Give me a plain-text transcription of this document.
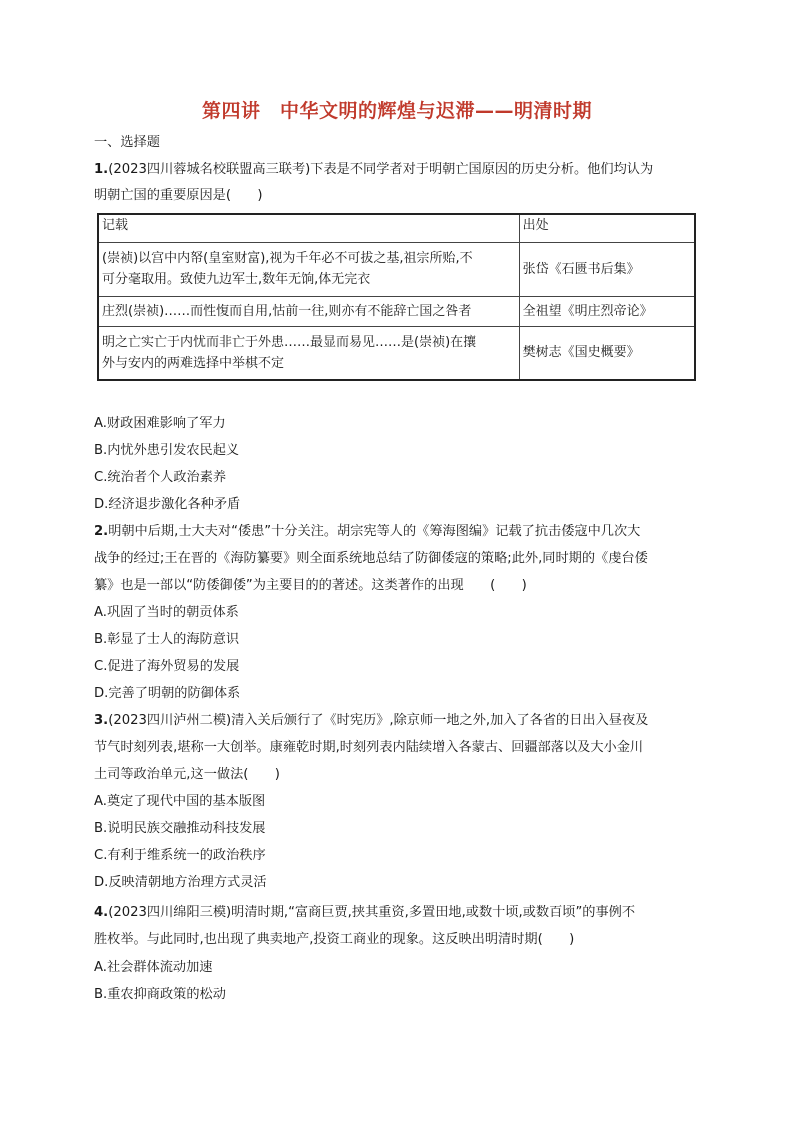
第四讲　中华文明的辉煌与迟滞——明清时期
一、选择题
1.(2023四川蓉城名校联盟高三联考)下表是不同学者对于明朝亡国原因的历史分析。他们均认为
明朝亡国的重要原因是(　　)
记载	出处

(崇祯)以宫中内帑(皇室财富),视为千年必不可拔之基,祖宗所贻,不
可分毫取用。致使九边军士,数年无饷,体无完衣	张岱《石匮书后集》

庄烈(崇祯)……而性愎而自用,怙前一往,则亦有不能辞亡国之咎者	全祖望《明庄烈帝论》

明之亡实亡于内忧而非亡于外患……最显而易见……是(崇祯)在攘
外与安内的两难选择中举棋不定	樊树志《国史概要》
A.财政困难影响了军力
B.内忧外患引发农民起义
C.统治者个人政治素养
D.经济退步激化各种矛盾
2.明朝中后期,士大夫对“倭患”十分关注。胡宗宪等人的《筹海图编》记载了抗击倭寇中几次大
战争的经过;王在晋的《海防纂要》则全面系统地总结了防御倭寇的策略;此外,同时期的《虔台倭
纂》也是一部以“防倭御倭”为主要目的的著述。这类著作的出现　　(　　)
A.巩固了当时的朝贡体系
B.彰显了士人的海防意识
C.促进了海外贸易的发展
D.完善了明朝的防御体系
3.(2023四川泸州二模)清入关后颁行了《时宪历》,除京师一地之外,加入了各省的日出入昼夜及
节气时刻列表,堪称一大创举。康雍乾时期,时刻列表内陆续增入各蒙古、回疆部落以及大小金川
土司等政治单元,这一做法(　　)
A.奠定了现代中国的基本版图
B.说明民族交融推动科技发展
C.有利于维系统一的政治秩序
D.反映清朝地方治理方式灵活
4.(2023四川绵阳三模)明清时期,“富商巨贾,挟其重资,多置田地,或数十顷,或数百顷”的事例不
胜枚举。与此同时,也出现了典卖地产,投资工商业的现象。这反映出明清时期(　　)
A.社会群体流动加速
B.重农抑商政策的松动
